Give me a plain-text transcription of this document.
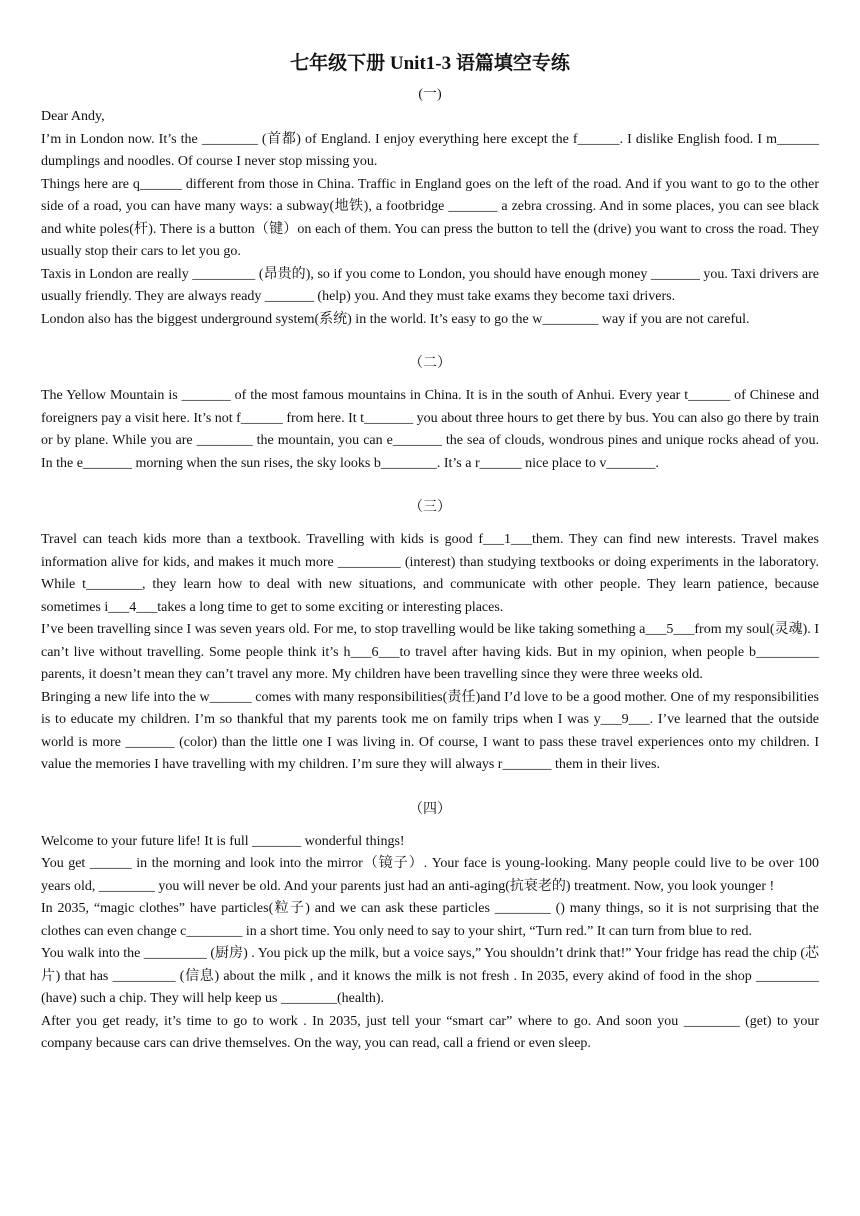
七年级下册 Unit1-3 语篇填空专练

(一)

Dear Andy,

I’m in London now. It’s the ________ (首都) of England. I enjoy everything here except the f______. I dislike English food. I m______ dumplings and noodles. Of course I never stop missing you.

Things here are q______ different from those in China. Traffic in England goes on the left of the road. And if you want to go to the other side of a road, you can have many ways: a subway(地铁), a footbridge _______ a zebra crossing. And in some places, you can see black and white poles(杆). There is a button（键）on each of them. You can press the button to tell the (drive) you want to cross the road. They usually stop their cars to let you go.

Taxis in London are really _________ (昂贵的), so if you come to London, you should have enough money _______ you. Taxi drivers are usually friendly. They are always ready _______ (help) you. And they must take exams they become taxi drivers.

London also has the biggest underground system(系统) in the world. It’s easy to go the w________ way if you are not careful.

（二）

The Yellow Mountain is _______ of the most famous mountains in China. It is in the south of Anhui. Every year t______ of Chinese and foreigners pay a visit here. It’s not f______ from here. It t_______ you about three hours to get there by bus. You can also go there by train or by plane. While you are ________ the mountain, you can e_______ the sea of clouds, wondrous pines and unique rocks ahead of you. In the e_______ morning when the sun rises, the sky looks b________. It’s a r______ nice place to v_______.

（三）

Travel can teach kids more than a textbook. Travelling with kids is good f___1___them. They can find new interests. Travel makes information alive for kids, and makes it much more _________ (interest) than studying textbooks or doing experiments in the laboratory. While t________, they learn how to deal with new situations, and communicate with other people. They learn patience, because sometimes i___4___takes a long time to get to some exciting or interesting places.

I’ve been travelling since I was seven years old. For me, to stop travelling would be like taking something a___5___from my soul(灵魂). I can’t live without travelling. Some people think it’s h___6___to travel after having kids. But in my opinion, when people b_________ parents, it doesn’t mean they can’t travel any more. My children have been travelling since they were three weeks old.

Bringing a new life into the w______ comes with many responsibilities(责任)and I’d love to be a good mother. One of my responsibilities is to educate my children. I’m so thankful that my parents took me on family trips when I was y___9___. I’ve learned that the outside world is more _______ (color) than the little one I was living in. Of course, I want to pass these travel experiences onto my children. I value the memories I have travelling with my children. I’m sure they will always r_______ them in their lives.

（四）

Welcome to your future life! It is full _______ wonderful things!

You get ______ in the morning and look into the mirror（镜子）. Your face is young-looking. Many people could live to be over 100 years old, ________ you will never be old. And your parents just had an anti-aging(抗衰老的) treatment. Now, you look younger !

In 2035, “magic clothes” have particles(粒子) and we can ask these particles ________ () many things, so it is not surprising that the clothes can even change c________ in a short time. You only need to say to your shirt, “Turn red.” It can turn from blue to red.

You walk into the _________ (厨房) . You pick up the milk, but a voice says,” You shouldn’t drink that!” Your fridge has read the chip (芯片) that has _________ (信息) about the milk , and it knows the milk is not fresh . In 2035, every akind of food in the shop _________ (have) such a chip. They will help keep us ________(health).

After you get ready, it’s time to go to work . In 2035, just tell your “smart car” where to go. And soon you ________ (get) to your company because cars can drive themselves. On the way, you can read, call a friend or even sleep.
